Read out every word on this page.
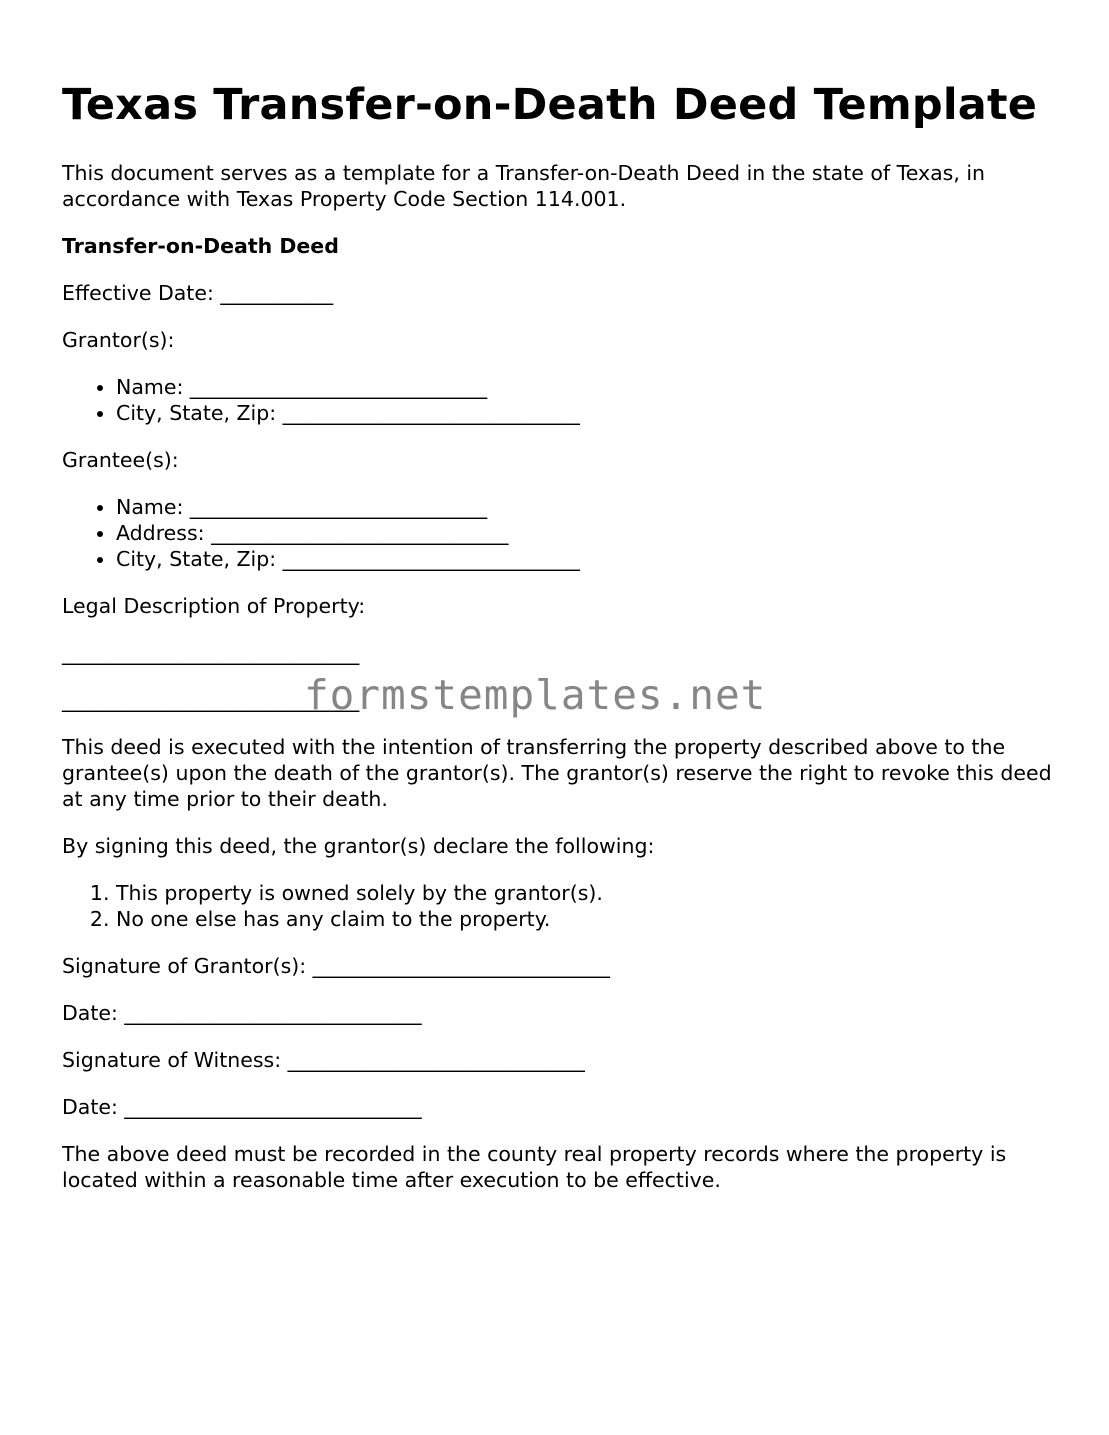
Texas Transfer-on-Death Deed Template

This document serves as a template for a Transfer-on-Death Deed in the state of Texas, in accordance with Texas Property Code Section 114.001.

Transfer-on-Death Deed

Effective Date: ___________

Grantor(s):

• Name: _____________________________
• City, State, Zip: _____________________________

Grantee(s):

• Name: _____________________________
• Address: _____________________________
• City, State, Zip: _____________________________

Legal Description of Property:

_____________________________

_____________________________
formstemplates.net

This deed is executed with the intention of transferring the property described above to the grantee(s) upon the death of the grantor(s). The grantor(s) reserve the right to revoke this deed at any time prior to their death.

By signing this deed, the grantor(s) declare the following:

1. This property is owned solely by the grantor(s).
2. No one else has any claim to the property.

Signature of Grantor(s): _____________________________

Date: _____________________________

Signature of Witness: _____________________________

Date: _____________________________

The above deed must be recorded in the county real property records where the property is located within a reasonable time after execution to be effective.
